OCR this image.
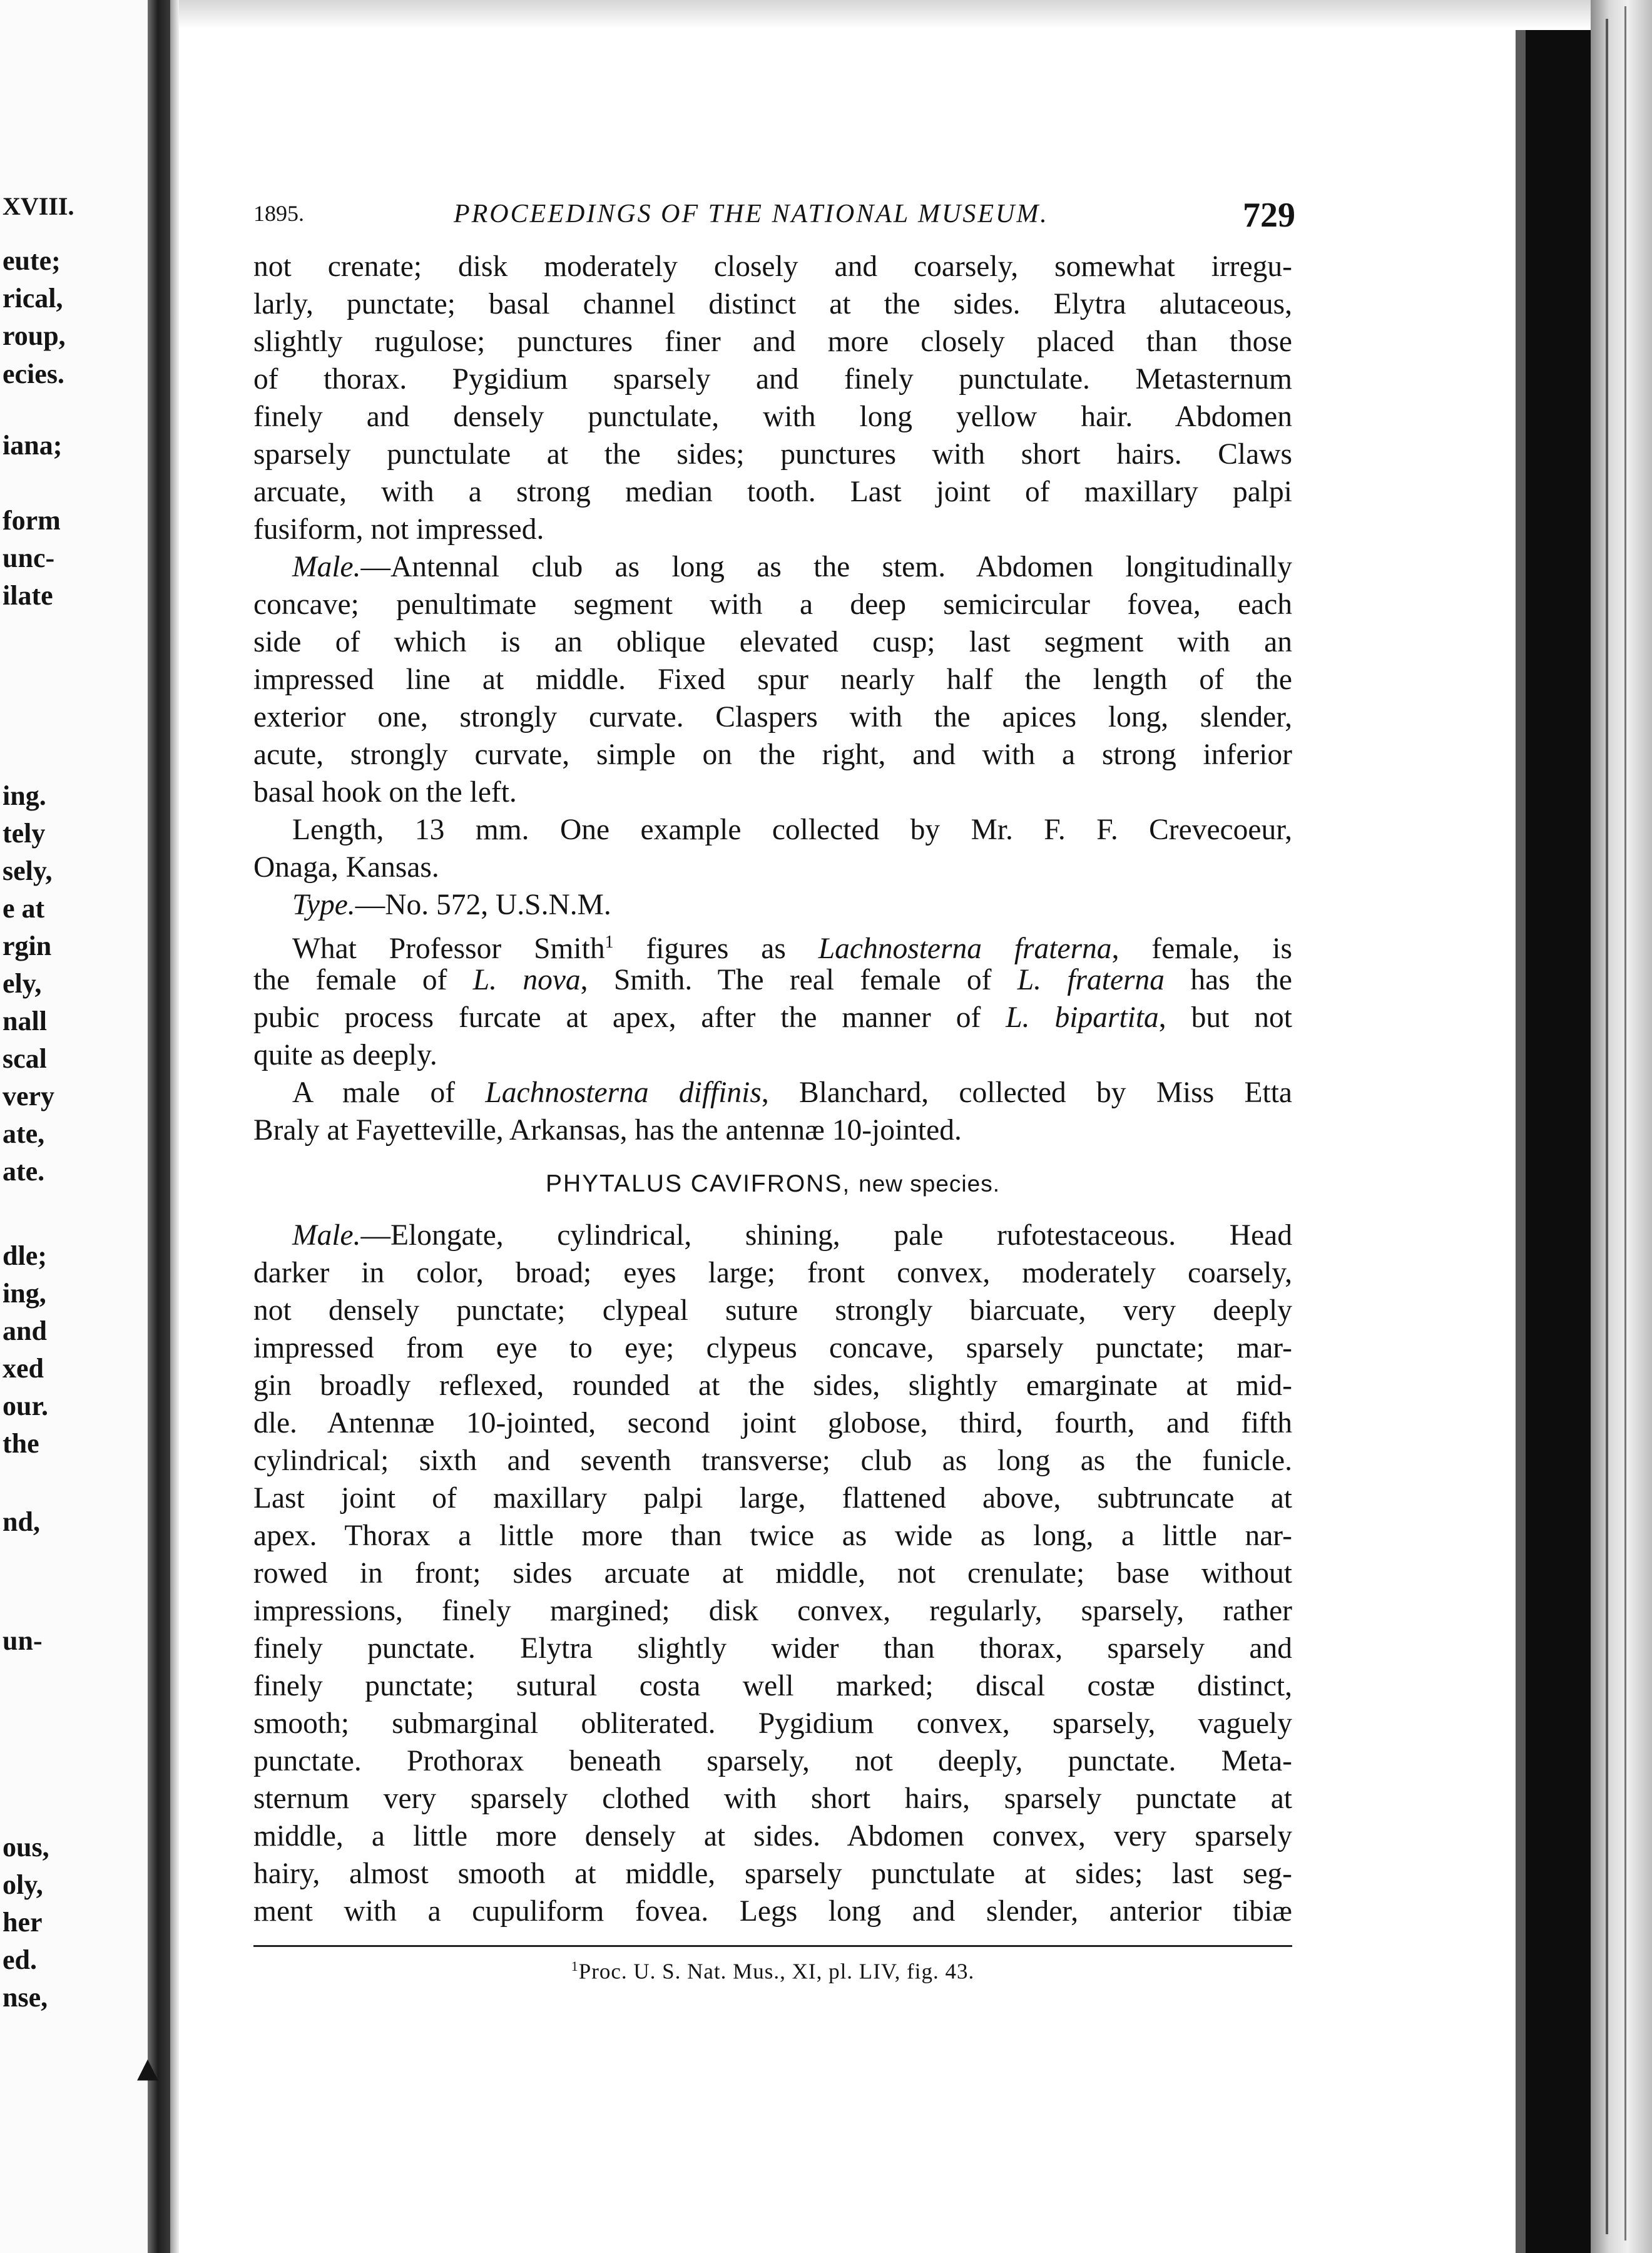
XVIII.
eute;
rical,
roup,
ecies.
iana;
form
unc-
ilate
ing.
tely
sely,
e at
rgin
ely,
nall
scal
very
ate,
ate.
dle;
ing,
and
xed
our.
the
nd,
un-
ous,
oly,
her
ed.
nse,
◀
1895.	PROCEEDINGS OF THE NATIONAL MUSEUM.	729
not crenate; disk moderately closely and coarsely, somewhat irregu-
larly, punctate; basal channel distinct at the sides. Elytra alutaceous,
slightly rugulose; punctures finer and more closely placed than those
of thorax. Pygidium sparsely and finely punctulate. Metasternum
finely and densely punctulate, with long yellow hair. Abdomen
sparsely punctulate at the sides; punctures with short hairs. Claws
arcuate, with a strong median tooth. Last joint of maxillary palpi
fusiform, not impressed.
Male.—Antennal club as long as the stem. Abdomen longitudinally
concave; penultimate segment with a deep semicircular fovea, each
side of which is an oblique elevated cusp; last segment with an
impressed line at middle. Fixed spur nearly half the length of the
exterior one, strongly curvate. Claspers with the apices long, slender,
acute, strongly curvate, simple on the right, and with a strong inferior
basal hook on the left.
Length, 13 mm. One example collected by Mr. F. F. Crevecoeur,
Onaga, Kansas.
Type.—No. 572, U.S.N.M.
What Professor Smith$^1$ figures as Lachnosterna fraterna, female, is
the female of L. nova, Smith. The real female of L. fraterna has the
pubic process furcate at apex, after the manner of L. bipartita, but not
quite as deeply.
A male of Lachnosterna diffinis, Blanchard, collected by Miss Etta
Braly at Fayetteville, Arkansas, has the antennæ 10-jointed.
PHYTALUS CAVIFRONS, new species.
Male.—Elongate, cylindrical, shining, pale rufotestaceous. Head
darker in color, broad; eyes large; front convex, moderately coarsely,
not densely punctate; clypeal suture strongly biarcuate, very deeply
impressed from eye to eye; clypeus concave, sparsely punctate; mar-
gin broadly reflexed, rounded at the sides, slightly emarginate at mid-
dle. Antennæ 10-jointed, second joint globose, third, fourth, and fifth
cylindrical; sixth and seventh transverse; club as long as the funicle.
Last joint of maxillary palpi large, flattened above, subtruncate at
apex. Thorax a little more than twice as wide as long, a little nar-
rowed in front; sides arcuate at middle, not crenulate; base without
impressions, finely margined; disk convex, regularly, sparsely, rather
finely punctate. Elytra slightly wider than thorax, sparsely and
finely punctate; sutural costa well marked; discal costæ distinct,
smooth; submarginal obliterated. Pygidium convex, sparsely, vaguely
punctate. Prothorax beneath sparsely, not deeply, punctate. Meta-
sternum very sparsely clothed with short hairs, sparsely punctate at
middle, a little more densely at sides. Abdomen convex, very sparsely
hairy, almost smooth at middle, sparsely punctulate at sides; last seg-
ment with a cupuliform fovea. Legs long and slender, anterior tibiæ
$^1$Proc. U. S. Nat. Mus., XI, pl. LIV, fig. 43.
